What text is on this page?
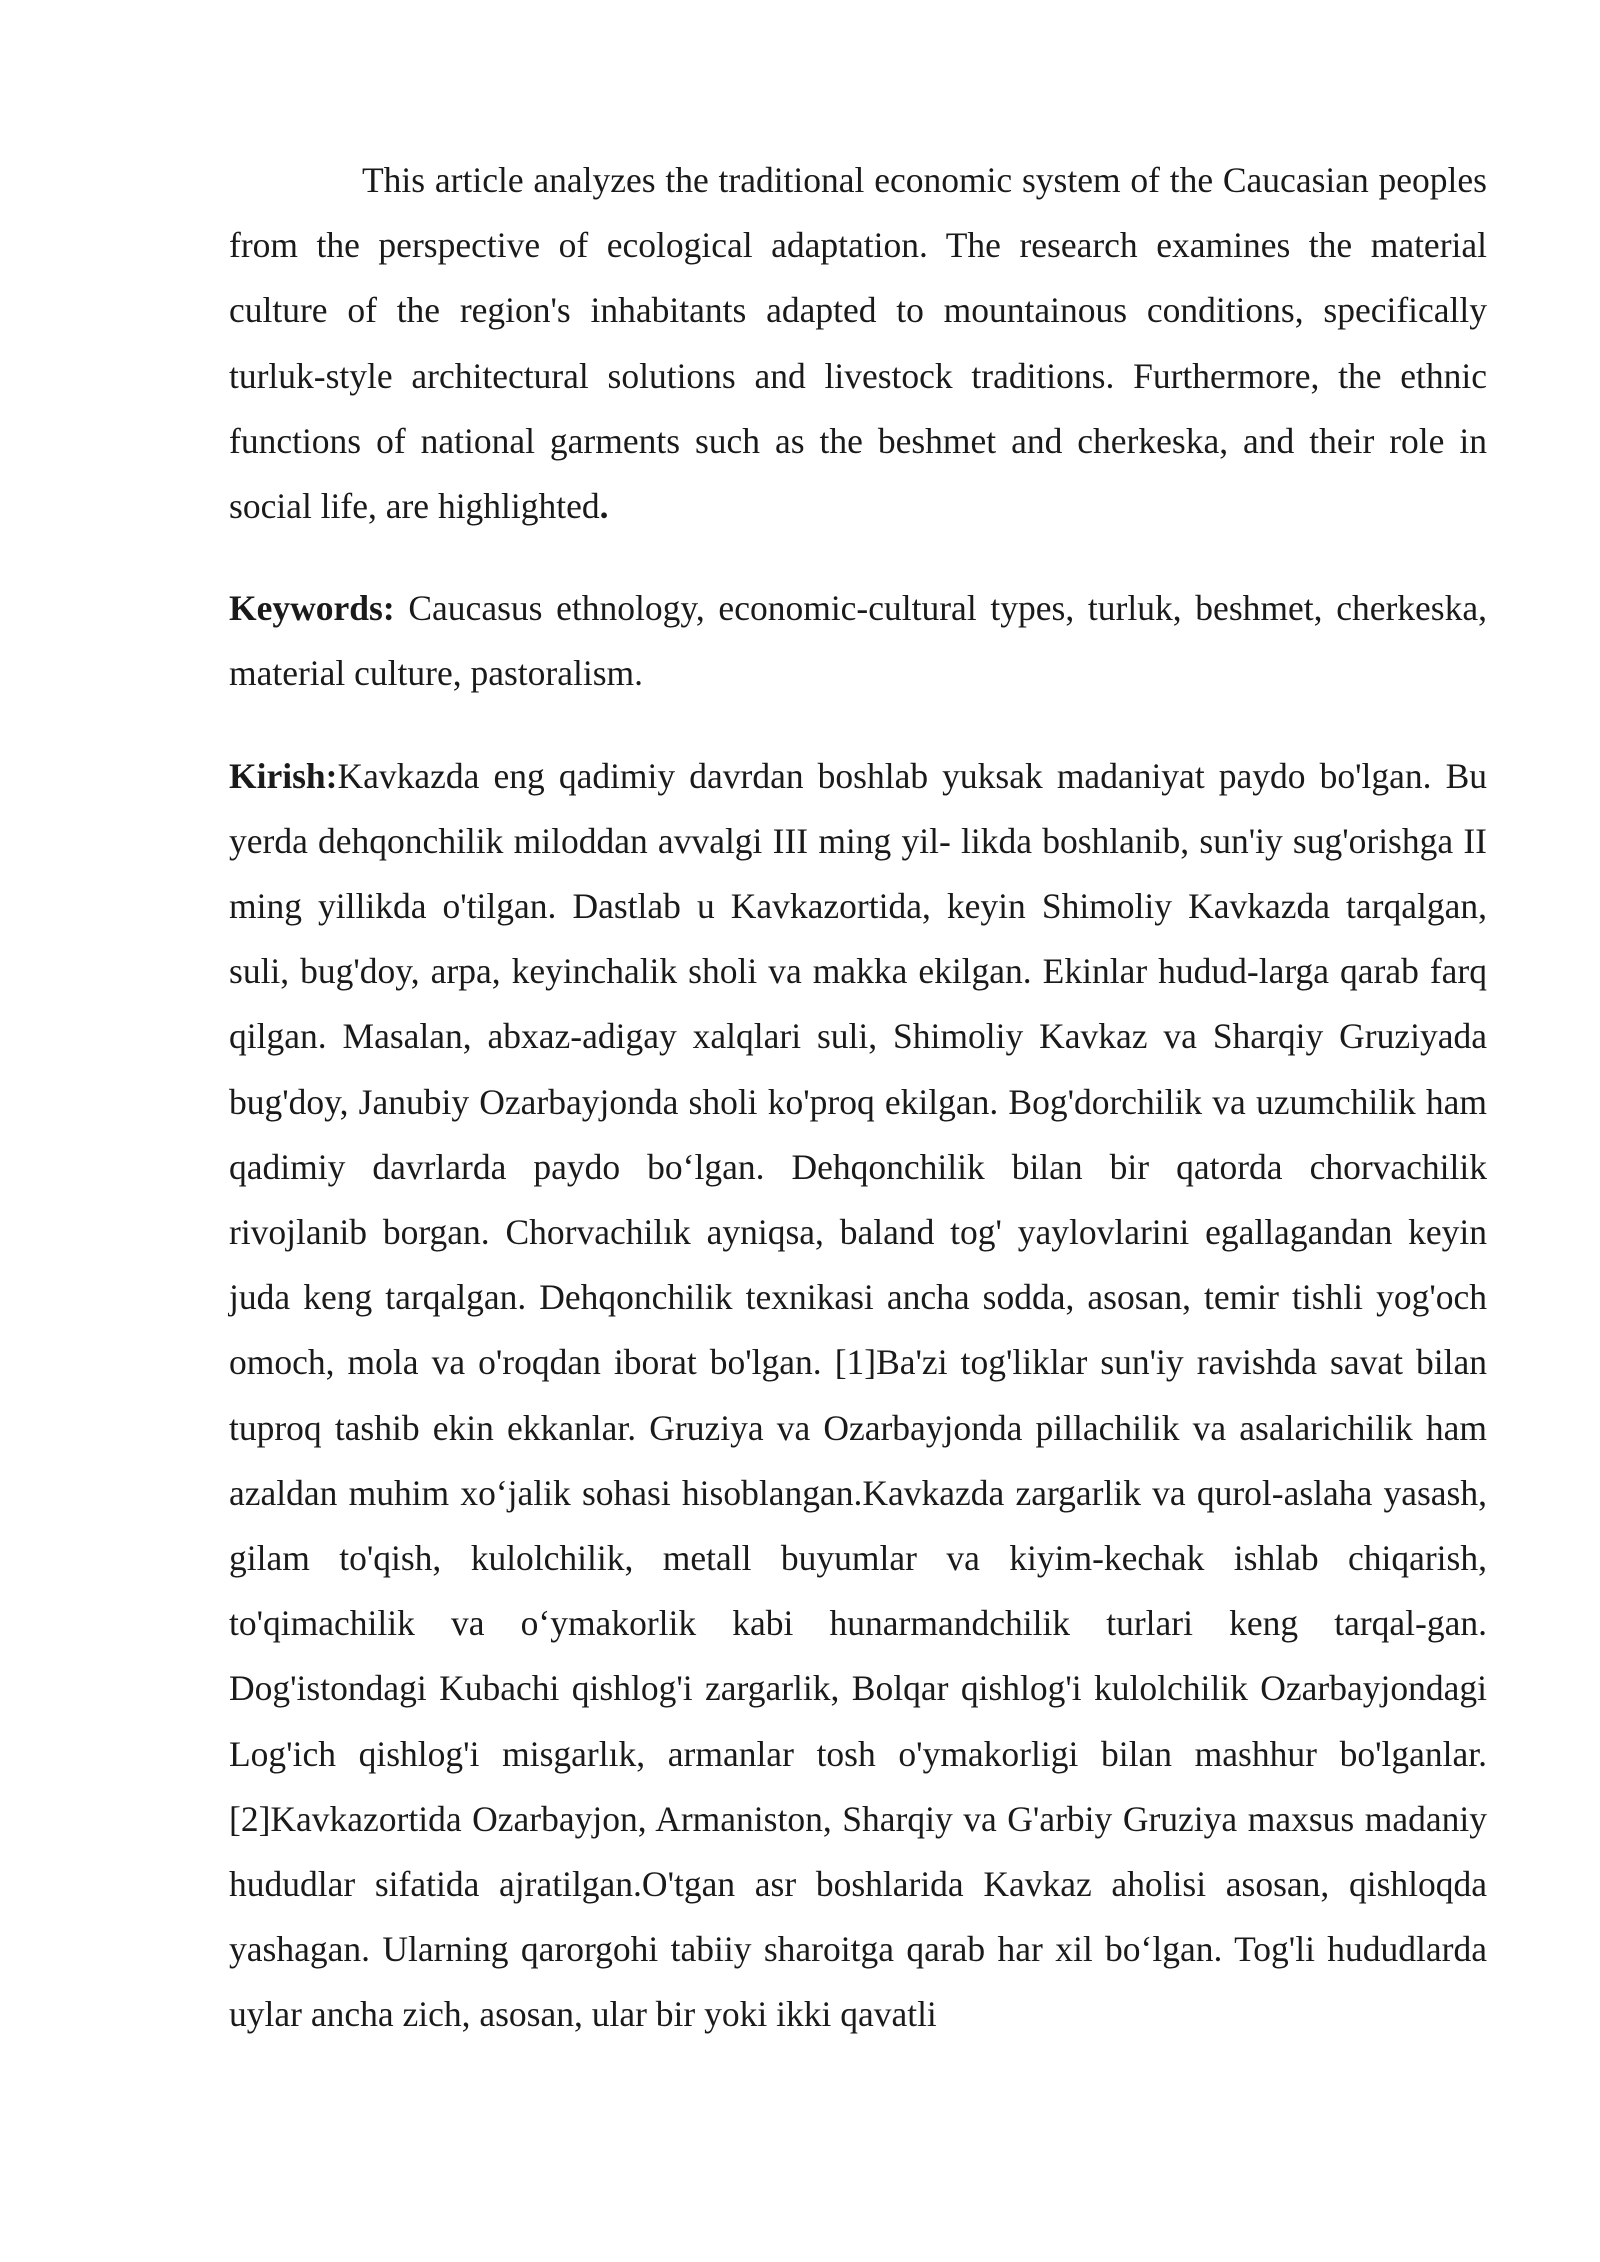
This article analyzes the traditional economic system of the Caucasian peoples from the perspective of ecological adaptation. The research examines the material culture of the region's inhabitants adapted to mountainous conditions, specifically turluk-style architectural solutions and livestock traditions. Furthermore, the ethnic functions of national garments such as the beshmet and cherkeska, and their role in social life, are highlighted.

Keywords: Caucasus ethnology, economic-cultural types, turluk, beshmet, cherkeska, material culture, pastoralism.

Kirish:Kavkazda eng qadimiy davrdan boshlab yuksak madaniyat paydo bo'lgan. Bu yerda dehqonchilik miloddan avvalgi III ming yil- likda boshlanib, sun'iy sug'orishga II ming yillikda o'tilgan. Dastlab u Kavkazortida, keyin Shimoliy Kavkazda tarqalgan, suli, bug'doy, arpa, keyinchalik sholi va makka ekilgan. Ekinlar hudud-larga qarab farq qilgan. Masalan, abxaz-adigay xalqlari suli, Shimoliy Kavkaz va Sharqiy Gruziyada bug'doy, Janubiy Ozarbayjonda sholi ko'proq ekilgan. Bog'dorchilik va uzumchilik ham qadimiy davrlarda paydo bo‘lgan. Dehqonchilik bilan bir qatorda chorvachilik rivojlanib borgan. Chorvachilık ayniqsa, baland tog' yaylovlarini egallagandan keyin juda keng tarqalgan. Dehqonchilik texnikasi ancha sodda, asosan, temir tishli yog'och omoch, mola va o'roqdan iborat bo'lgan. [1]Ba'zi tog'liklar sun'iy ravishda savat bilan tuproq tashib ekin ekkanlar. Gruziya va Ozarbayjonda pillachilik va asalarichilik ham azaldan muhim xo‘jalik sohasi hisoblangan.Kavkazda zargarlik va qurol-aslaha yasash, gilam to'qish, kulolchilik, metall buyumlar va kiyim-kechak ishlab chiqarish, to'qimachilik va o‘ymakorlik kabi hunarmandchilik turlari keng tarqal-gan. Dog'istondagi Kubachi qishlog'i zargarlik, Bolqar qishlog'i kulolchilik Ozarbayjondagi Log'ich qishlog'i misgarlık, armanlar tosh o'ymakorligi bilan mashhur bo'lganlar. [2]Kavkazortida Ozarbayjon, Armaniston, Sharqiy va G'arbiy Gruziya maxsus madaniy hududlar sifatida ajratilgan.O'tgan asr boshlarida Kavkaz aholisi asosan, qishloqda yashagan. Ularning qarorgohi tabiiy sharoitga qarab har xil bo‘lgan. Tog'li hududlarda uylar ancha zich, asosan, ular bir yoki ikki qavatli
